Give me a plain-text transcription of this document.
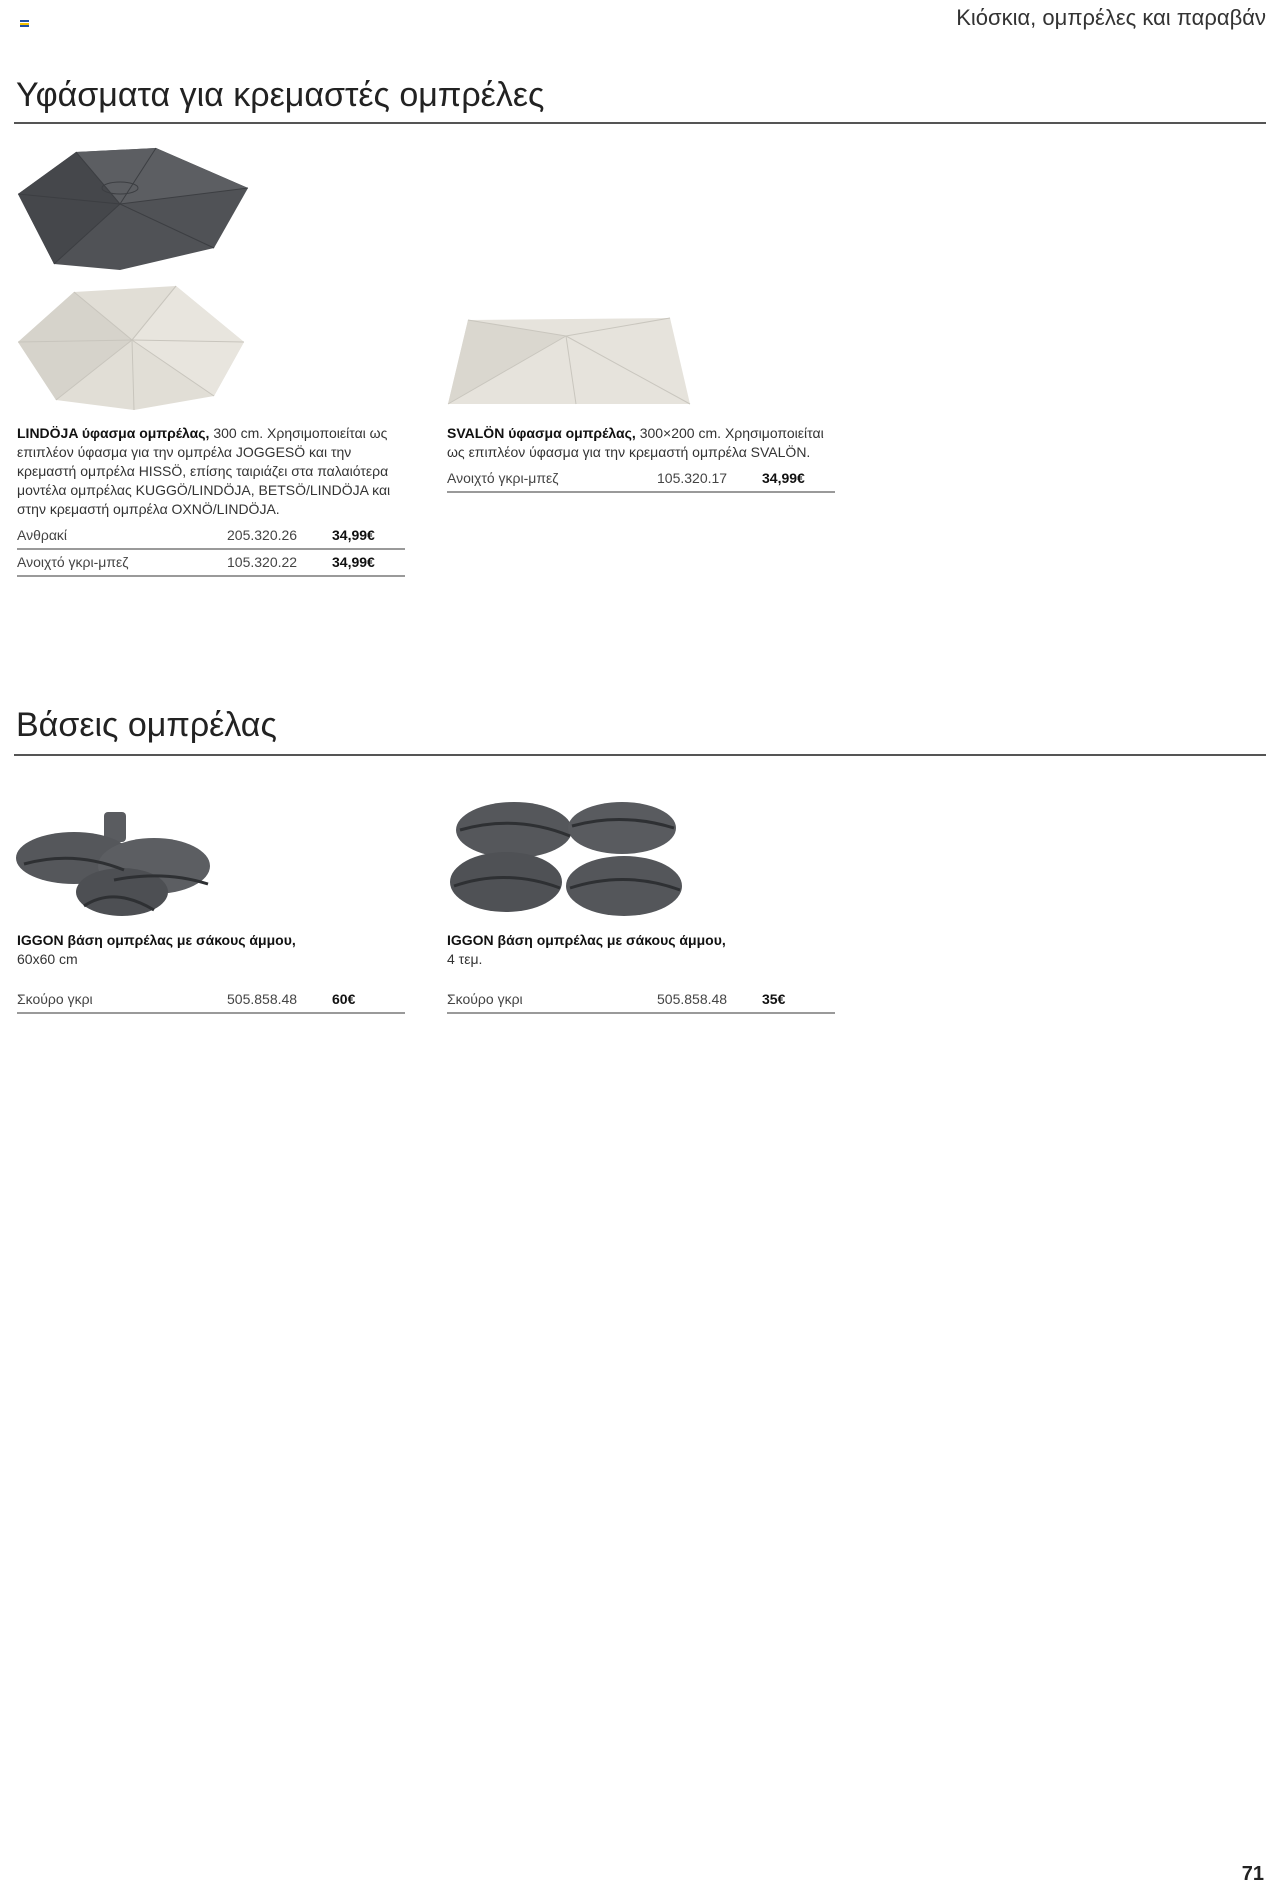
Κιόσκια, ομπρέλες και παραβάν
Υφάσματα για κρεμαστές ομπρέλες

LINDÖJA ύφασμα ομπρέλας, 300 cm. Χρησιμοποιείται ως επιπλέον ύφασμα για την ομπρέλα JOGGESÖ και την κρεμαστή ομπρέλα HISSÖ, επίσης ταιριάζει στα παλαιότερα μοντέλα ομπρέλας KUGGÖ/LINDÖJA, BETSÖ/LINDÖJA και στην κρεμαστή ομπρέλα OXNÖ/LINDÖJA.

Ανθρακί	205.320.26	34,99€
Ανοιχτό γκρι-μπεζ	105.320.22	34,99€

SVALÖN ύφασμα ομπρέλας, 300×200 cm. Χρησιμοποιείται ως επιπλέον ύφασμα για την κρεμαστή ομπρέλα SVALÖN.

Ανοιχτό γκρι-μπεζ	105.320.17	34,99€
Βάσεις ομπρέλας

IGGON βάση ομπρέλας με σάκους άμμου,
60x60 cm

Σκούρο γκρι	505.858.48	60€

IGGON βάση ομπρέλας με σάκους άμμου,
4 τεμ.

Σκούρο γκρι	505.858.48	35€
71
